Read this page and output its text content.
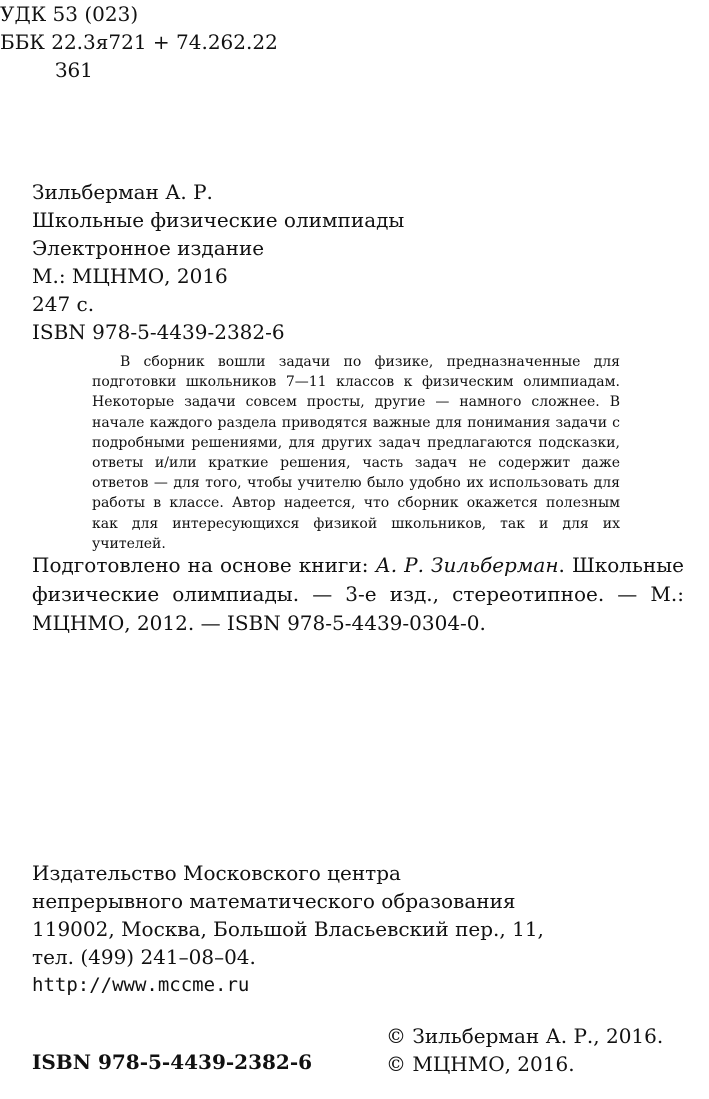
УДК 53 (023)
ББК 22.3я721 + 74.262.22
З61
Зильберман А. Р.
Школьные физические олимпиады
Электронное издание
М.: МЦНМО, 2016
247 с.
ISBN 978-5-4439-2382-6

В сборник вошли задачи по физике, предназначенные для подготовки школьников 7—11 классов к физическим олимпиадам. Некоторые задачи совсем просты, другие — намного сложнее. В начале каждого раздела приводятся важные для понимания задачи с подробными решениями, для других задач предлагаются подсказки, ответы и/или краткие решения, часть задач не содержит даже ответов — для того, чтобы учителю было удобно их использовать для работы в классе. Автор надеется, что сборник окажется полезным как для интересующихся физикой школьников, так и для их учителей.

Подготовлено на основе книги: А. Р. Зильберман. Школьные физические олимпиады. — 3-е изд., стереотипное. — М.: МЦНМО, 2012. — ISBN 978-5-4439-0304-0.

Издательство Московского центра
непрерывного математического образования
119002, Москва, Большой Власьевский пер., 11,
тел. (499) 241–08–04.
http://www.mccme.ru
ISBN 978-5-4439-2382-6
© Зильберман А. Р., 2016.
© МЦНМО, 2016.
